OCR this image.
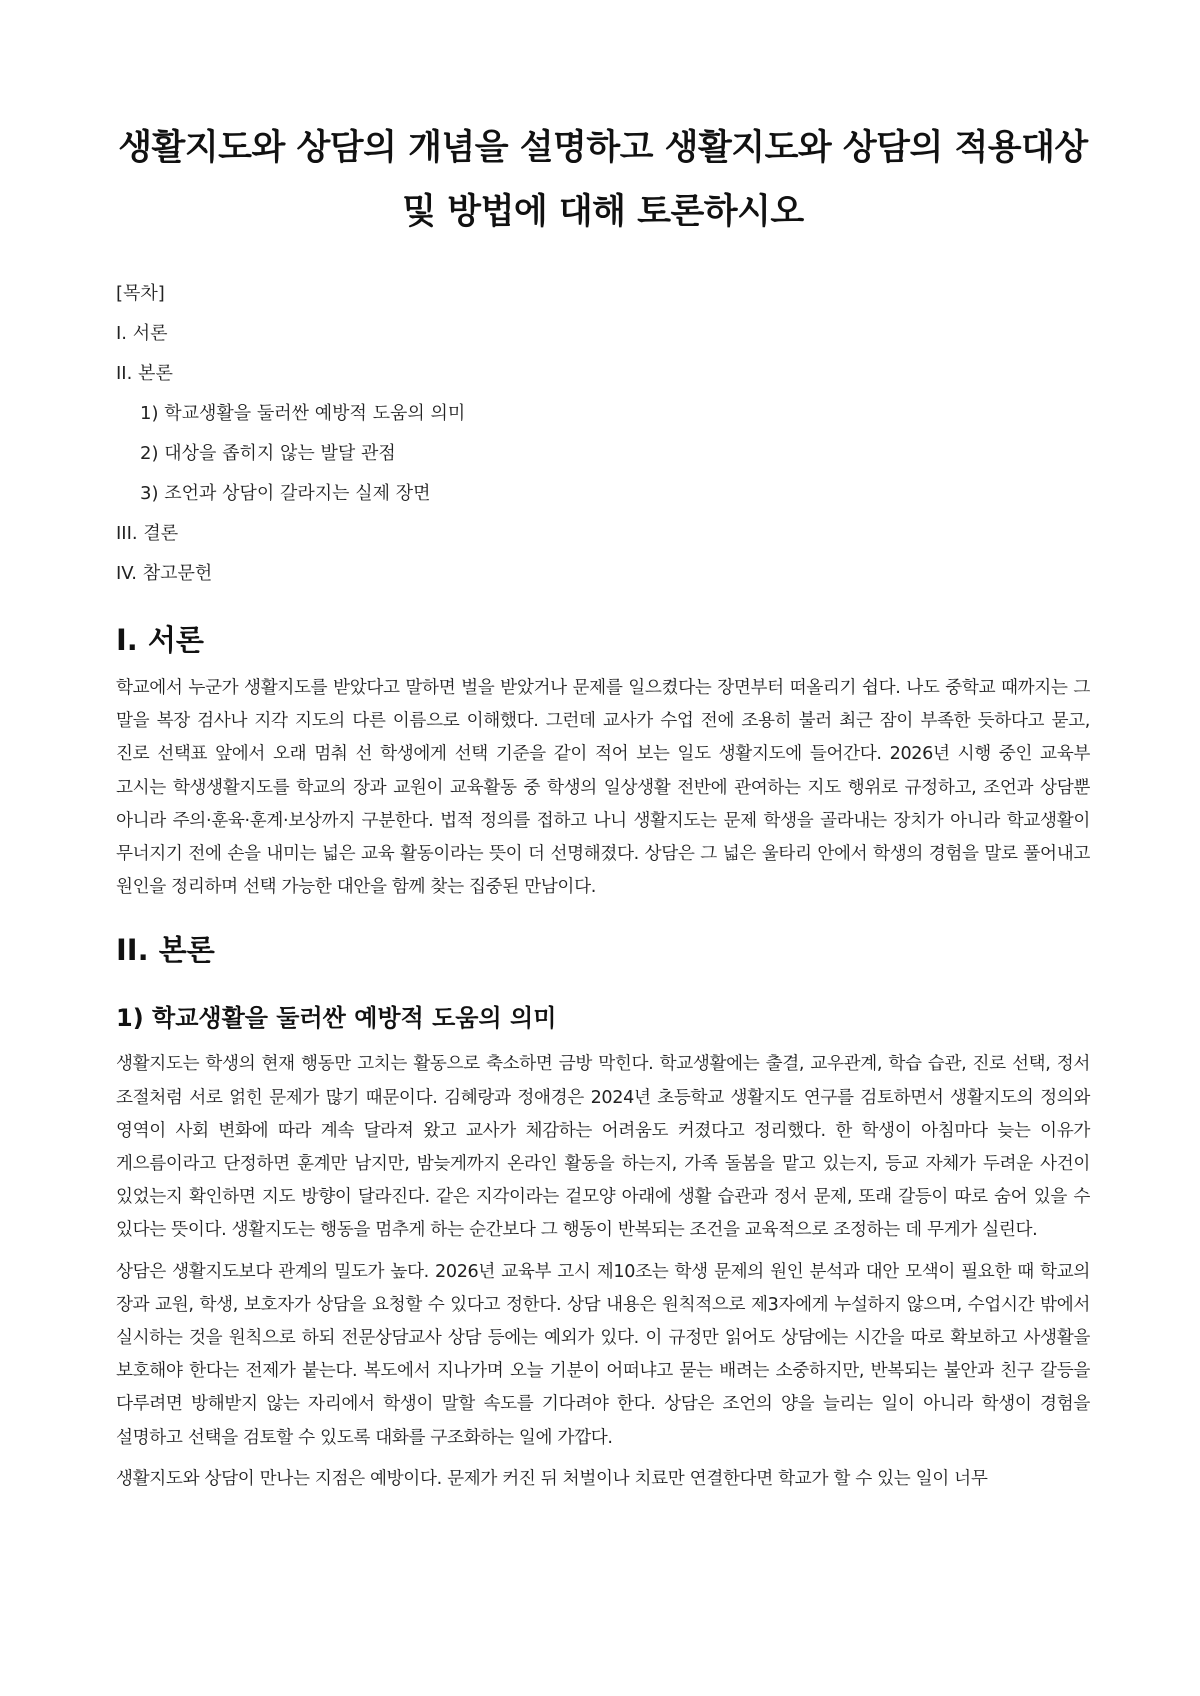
생활지도와 상담의 개념을 설명하고 생활지도와 상담의 적용대상 및 방법에 대해 토론하시오
[목차]
I. 서론
II. 본론
1) 학교생활을 둘러싼 예방적 도움의 의미
2) 대상을 좁히지 않는 발달 관점
3) 조언과 상담이 갈라지는 실제 장면
III. 결론
IV. 참고문헌
I. 서론

학교에서 누군가 생활지도를 받았다고 말하면 벌을 받았거나 문제를 일으켰다는 장면부터 떠올리기 쉽다. 나도 중학교 때까지는 그 말을 복장 검사나 지각 지도의 다른 이름으로 이해했다. 그런데 교사가 수업 전에 조용히 불러 최근 잠이 부족한 듯하다고 묻고, 진로 선택표 앞에서 오래 멈춰 선 학생에게 선택 기준을 같이 적어 보는 일도 생활지도에 들어간다. 2026년 시행 중인 교육부 고시는 학생생활지도를 학교의 장과 교원이 교육활동 중 학생의 일상생활 전반에 관여하는 지도 행위로 규정하고, 조언과 상담뿐 아니라 주의·훈육·훈계·보상까지 구분한다. 법적 정의를 접하고 나니 생활지도는 문제 학생을 골라내는 장치가 아니라 학교생활이 무너지기 전에 손을 내미는 넓은 교육 활동이라는 뜻이 더 선명해졌다. 상담은 그 넓은 울타리 안에서 학생의 경험을 말로 풀어내고 원인을 정리하며 선택 가능한 대안을 함께 찾는 집중된 만남이다.

II. 본론
1) 학교생활을 둘러싼 예방적 도움의 의미

생활지도는 학생의 현재 행동만 고치는 활동으로 축소하면 금방 막힌다. 학교생활에는 출결, 교우관계, 학습 습관, 진로 선택, 정서 조절처럼 서로 얽힌 문제가 많기 때문이다. 김혜랑과 정애경은 2024년 초등학교 생활지도 연구를 검토하면서 생활지도의 정의와 영역이 사회 변화에 따라 계속 달라져 왔고 교사가 체감하는 어려움도 커졌다고 정리했다. 한 학생이 아침마다 늦는 이유가 게으름이라고 단정하면 훈계만 남지만, 밤늦게까지 온라인 활동을 하는지, 가족 돌봄을 맡고 있는지, 등교 자체가 두려운 사건이 있었는지 확인하면 지도 방향이 달라진다. 같은 지각이라는 겉모양 아래에 생활 습관과 정서 문제, 또래 갈등이 따로 숨어 있을 수 있다는 뜻이다. 생활지도는 행동을 멈추게 하는 순간보다 그 행동이 반복되는 조건을 교육적으로 조정하는 데 무게가 실린다.

상담은 생활지도보다 관계의 밀도가 높다. 2026년 교육부 고시 제10조는 학생 문제의 원인 분석과 대안 모색이 필요한 때 학교의 장과 교원, 학생, 보호자가 상담을 요청할 수 있다고 정한다. 상담 내용은 원칙적으로 제3자에게 누설하지 않으며, 수업시간 밖에서 실시하는 것을 원칙으로 하되 전문상담교사 상담 등에는 예외가 있다. 이 규정만 읽어도 상담에는 시간을 따로 확보하고 사생활을 보호해야 한다는 전제가 붙는다. 복도에서 지나가며 오늘 기분이 어떠냐고 묻는 배려는 소중하지만, 반복되는 불안과 친구 갈등을 다루려면 방해받지 않는 자리에서 학생이 말할 속도를 기다려야 한다. 상담은 조언의 양을 늘리는 일이 아니라 학생이 경험을 설명하고 선택을 검토할 수 있도록 대화를 구조화하는 일에 가깝다.

생활지도와 상담이 만나는 지점은 예방이다. 문제가 커진 뒤 처벌이나 치료만 연결한다면 학교가 할 수 있는 일이 너무
